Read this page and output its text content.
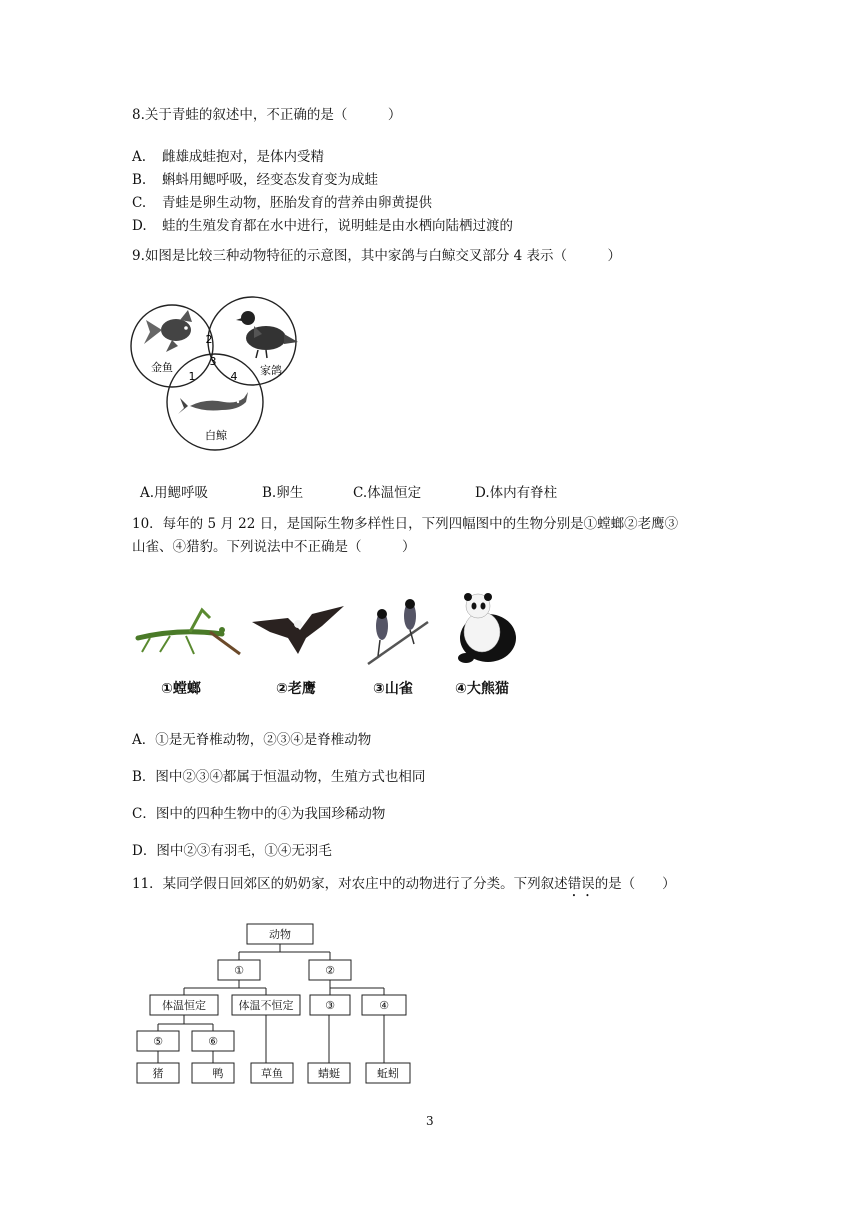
8.关于青蛙的叙述中，不正确的是（　　　）
A. 雌雄成蛙抱对，是体内受精
B. 蝌蚪用鳃呼吸，经变态发育变为成蛙
C. 青蛙是卵生动物，胚胎发育的营养由卵黄提供
D. 蛙的生殖发育都在水中进行，说明蛙是由水栖向陆栖过渡的
9.如图是比较三种动物特征的示意图，其中家鸽与白鲸交叉部分 4 表示（　　　）
2
3
1	4
金鱼	家鸽
白鲸
A.用鳃呼吸	B.卵生	C.体温恒定	D.体内有脊柱
10．每年的 5 月 22 日，是国际生物多样性日，下列四幅图中的生物分别是①螳螂②老鹰③
山雀、④猎豹。下列说法中不正确是（　　　）
①螳螂	②老鹰	③山雀	④大熊猫
A．①是无脊椎动物，②③④是脊椎动物
B．图中②③④都属于恒温动物，生殖方式也相同
C．图中的四种生物中的④为我国珍稀动物
D．图中②③有羽毛，①④无羽毛
11．某同学假日回郊区的奶奶家，对农庄中的动物进行了分类。下列叙述错误的是（　　）
动物
①	②
体温恒定	体温不恒定	③	④
⑤	⑥
猪	鸭	草鱼	蜻蜓	蚯蚓
3
